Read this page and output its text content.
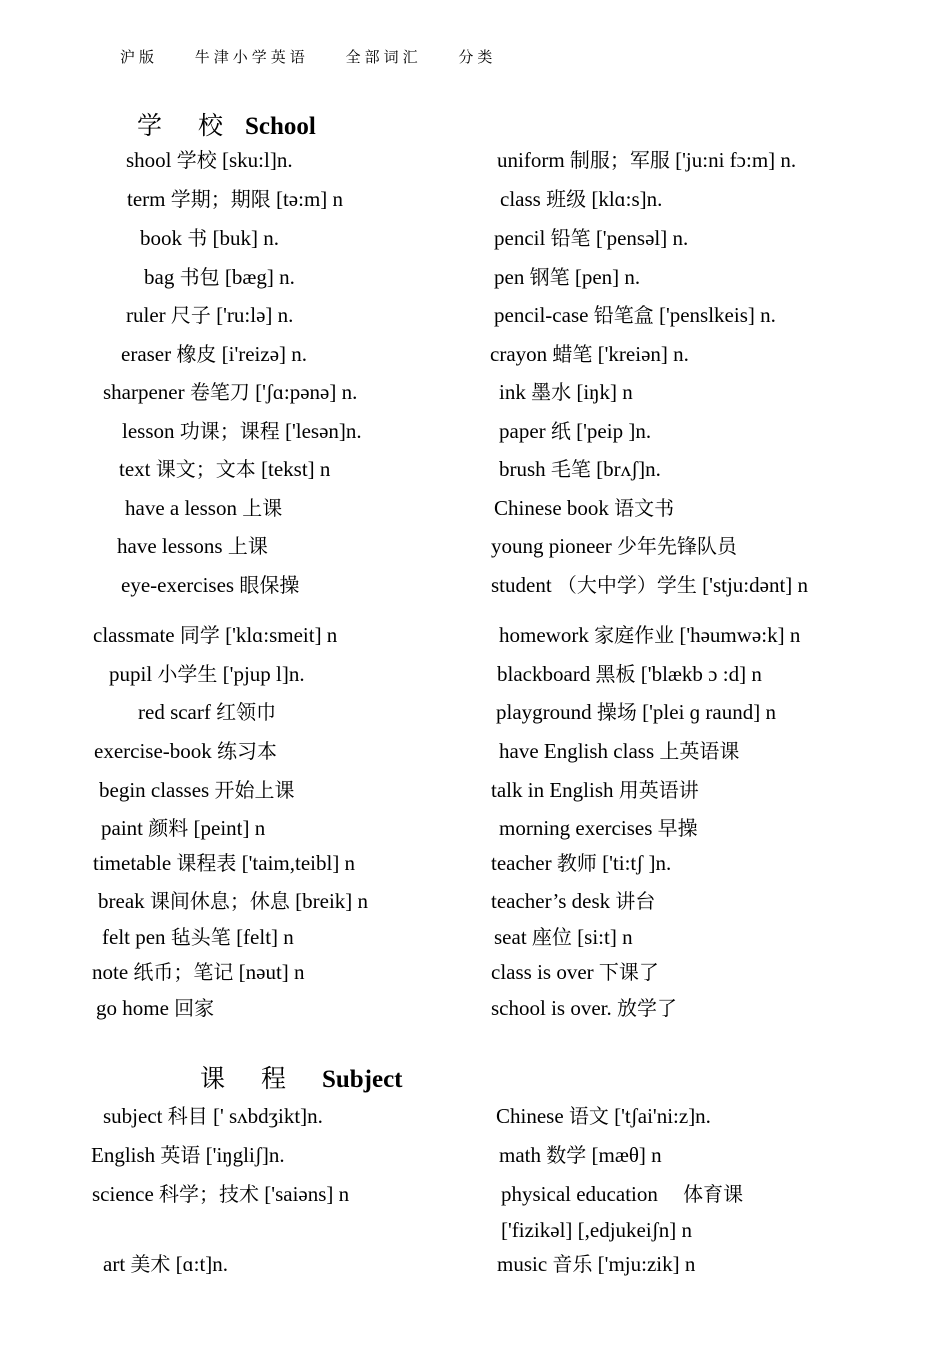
沪版 牛津小学英语 全部词汇 分类
学 校 School
shool 学校 [sku:l]n.	uniform 制服；军服 ['ju:ni fɔ:m] n.
term 学期；期限 [tə:m] n	class 班级 [klɑ:s]n.
book 书 [buk] n.	pencil 铅笔 ['pensəl] n.
bag 书包 [bæg] n.	pen 钢笔 [pen] n.
ruler 尺子 ['ru:lə] n.	pencil-case 铅笔盒 ['penslkeis] n.
eraser 橡皮 [i'reizə] n.	crayon 蜡笔 ['kreiən] n.
sharpener 卷笔刀 ['ʃɑ:pənə] n.	ink 墨水 [iŋk] n
lesson 功课；课程 ['lesən]n.	paper 纸 ['peip ]n.
text 课文；文本 [tekst] n	brush 毛笔 [brʌʃ]n.
have a lesson 上课	Chinese book 语文书
have lessons 上课	young pioneer 少年先锋队员
eye-exercises 眼保操	student （大中学）学生 ['stju:dənt] n
classmate 同学 ['klɑ:smeit] n	homework 家庭作业 ['həumwə:k] n
pupil 小学生 ['pjup l]n.	blackboard 黑板 ['blækb ɔ :d] n
red scarf 红领巾	playground 操场 ['plei ɡ raund] n
exercise-book 练习本	have English class 上英语课
begin classes 开始上课	talk in English 用英语讲
paint 颜料 [peint] n	morning exercises 早操
timetable 课程表 ['taim,teibl] n	teacher 教师 ['ti:tʃ ]n.
break 课间休息；休息 [breik] n	teacher’s desk 讲台
felt pen 毡头笔 [felt] n	seat 座位 [si:t] n
note 纸币；笔记 [nəut] n	class is over 下课了
go home 回家	school is over. 放学了
课 程 Subject
subject 科目 [' sʌbdʒikt]n.	Chinese 语文 ['tʃai'ni:z]n.
English 英语 ['iŋgliʃ]n.	math 数学 [mæθ] n
science 科学；技术 ['saiəns] n	physical education 体育课
['fizikəl] [,edjukeiʃn] n
art 美术 [ɑ:t]n.	music 音乐 ['mju:zik] n
